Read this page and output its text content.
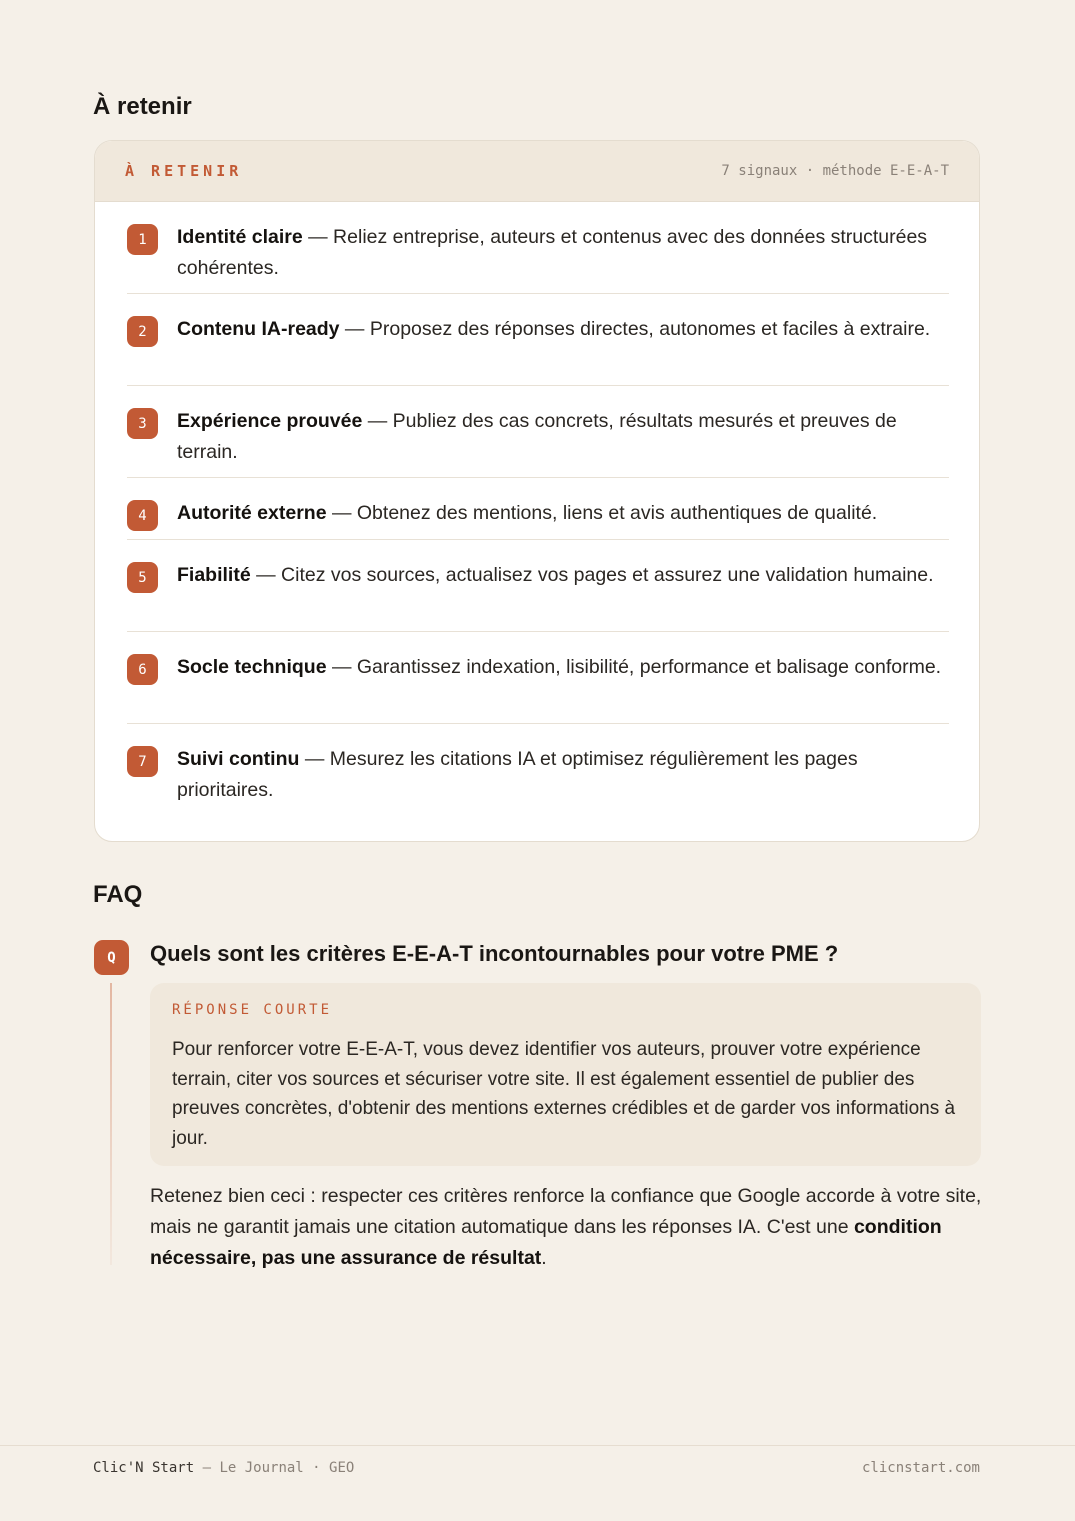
À retenir
À RETENIR	7 signaux · méthode E-E-A-T
1	Identité claire — Reliez entreprise, auteurs et contenus avec des données structurées cohérentes.
2	Contenu IA-ready — Proposez des réponses directes, autonomes et faciles à extraire.
3	Expérience prouvée — Publiez des cas concrets, résultats mesurés et preuves de terrain.
4	Autorité externe — Obtenez des mentions, liens et avis authentiques de qualité.
5	Fiabilité — Citez vos sources, actualisez vos pages et assurez une validation humaine.
6	Socle technique — Garantissez indexation, lisibilité, performance et balisage conforme.
7	Suivi continu — Mesurez les citations IA et optimisez régulièrement les pages prioritaires.
FAQ
Q	Quels sont les critères E-E-A-T incontournables pour votre PME ?
RÉPONSE COURTE
Pour renforcer votre E-E-A-T, vous devez identifier vos auteurs, prouver votre expérience terrain, citer vos sources et sécuriser votre site. Il est également essentiel de publier des preuves concrètes, d'obtenir des mentions externes crédibles et de garder vos informations à jour.
Retenez bien ceci : respecter ces critères renforce la confiance que Google accorde à votre site, mais ne garantit jamais une citation automatique dans les réponses IA. C'est une condition nécessaire, pas une assurance de résultat.
Clic'N Start — Le Journal · GEO	clicnstart.com
